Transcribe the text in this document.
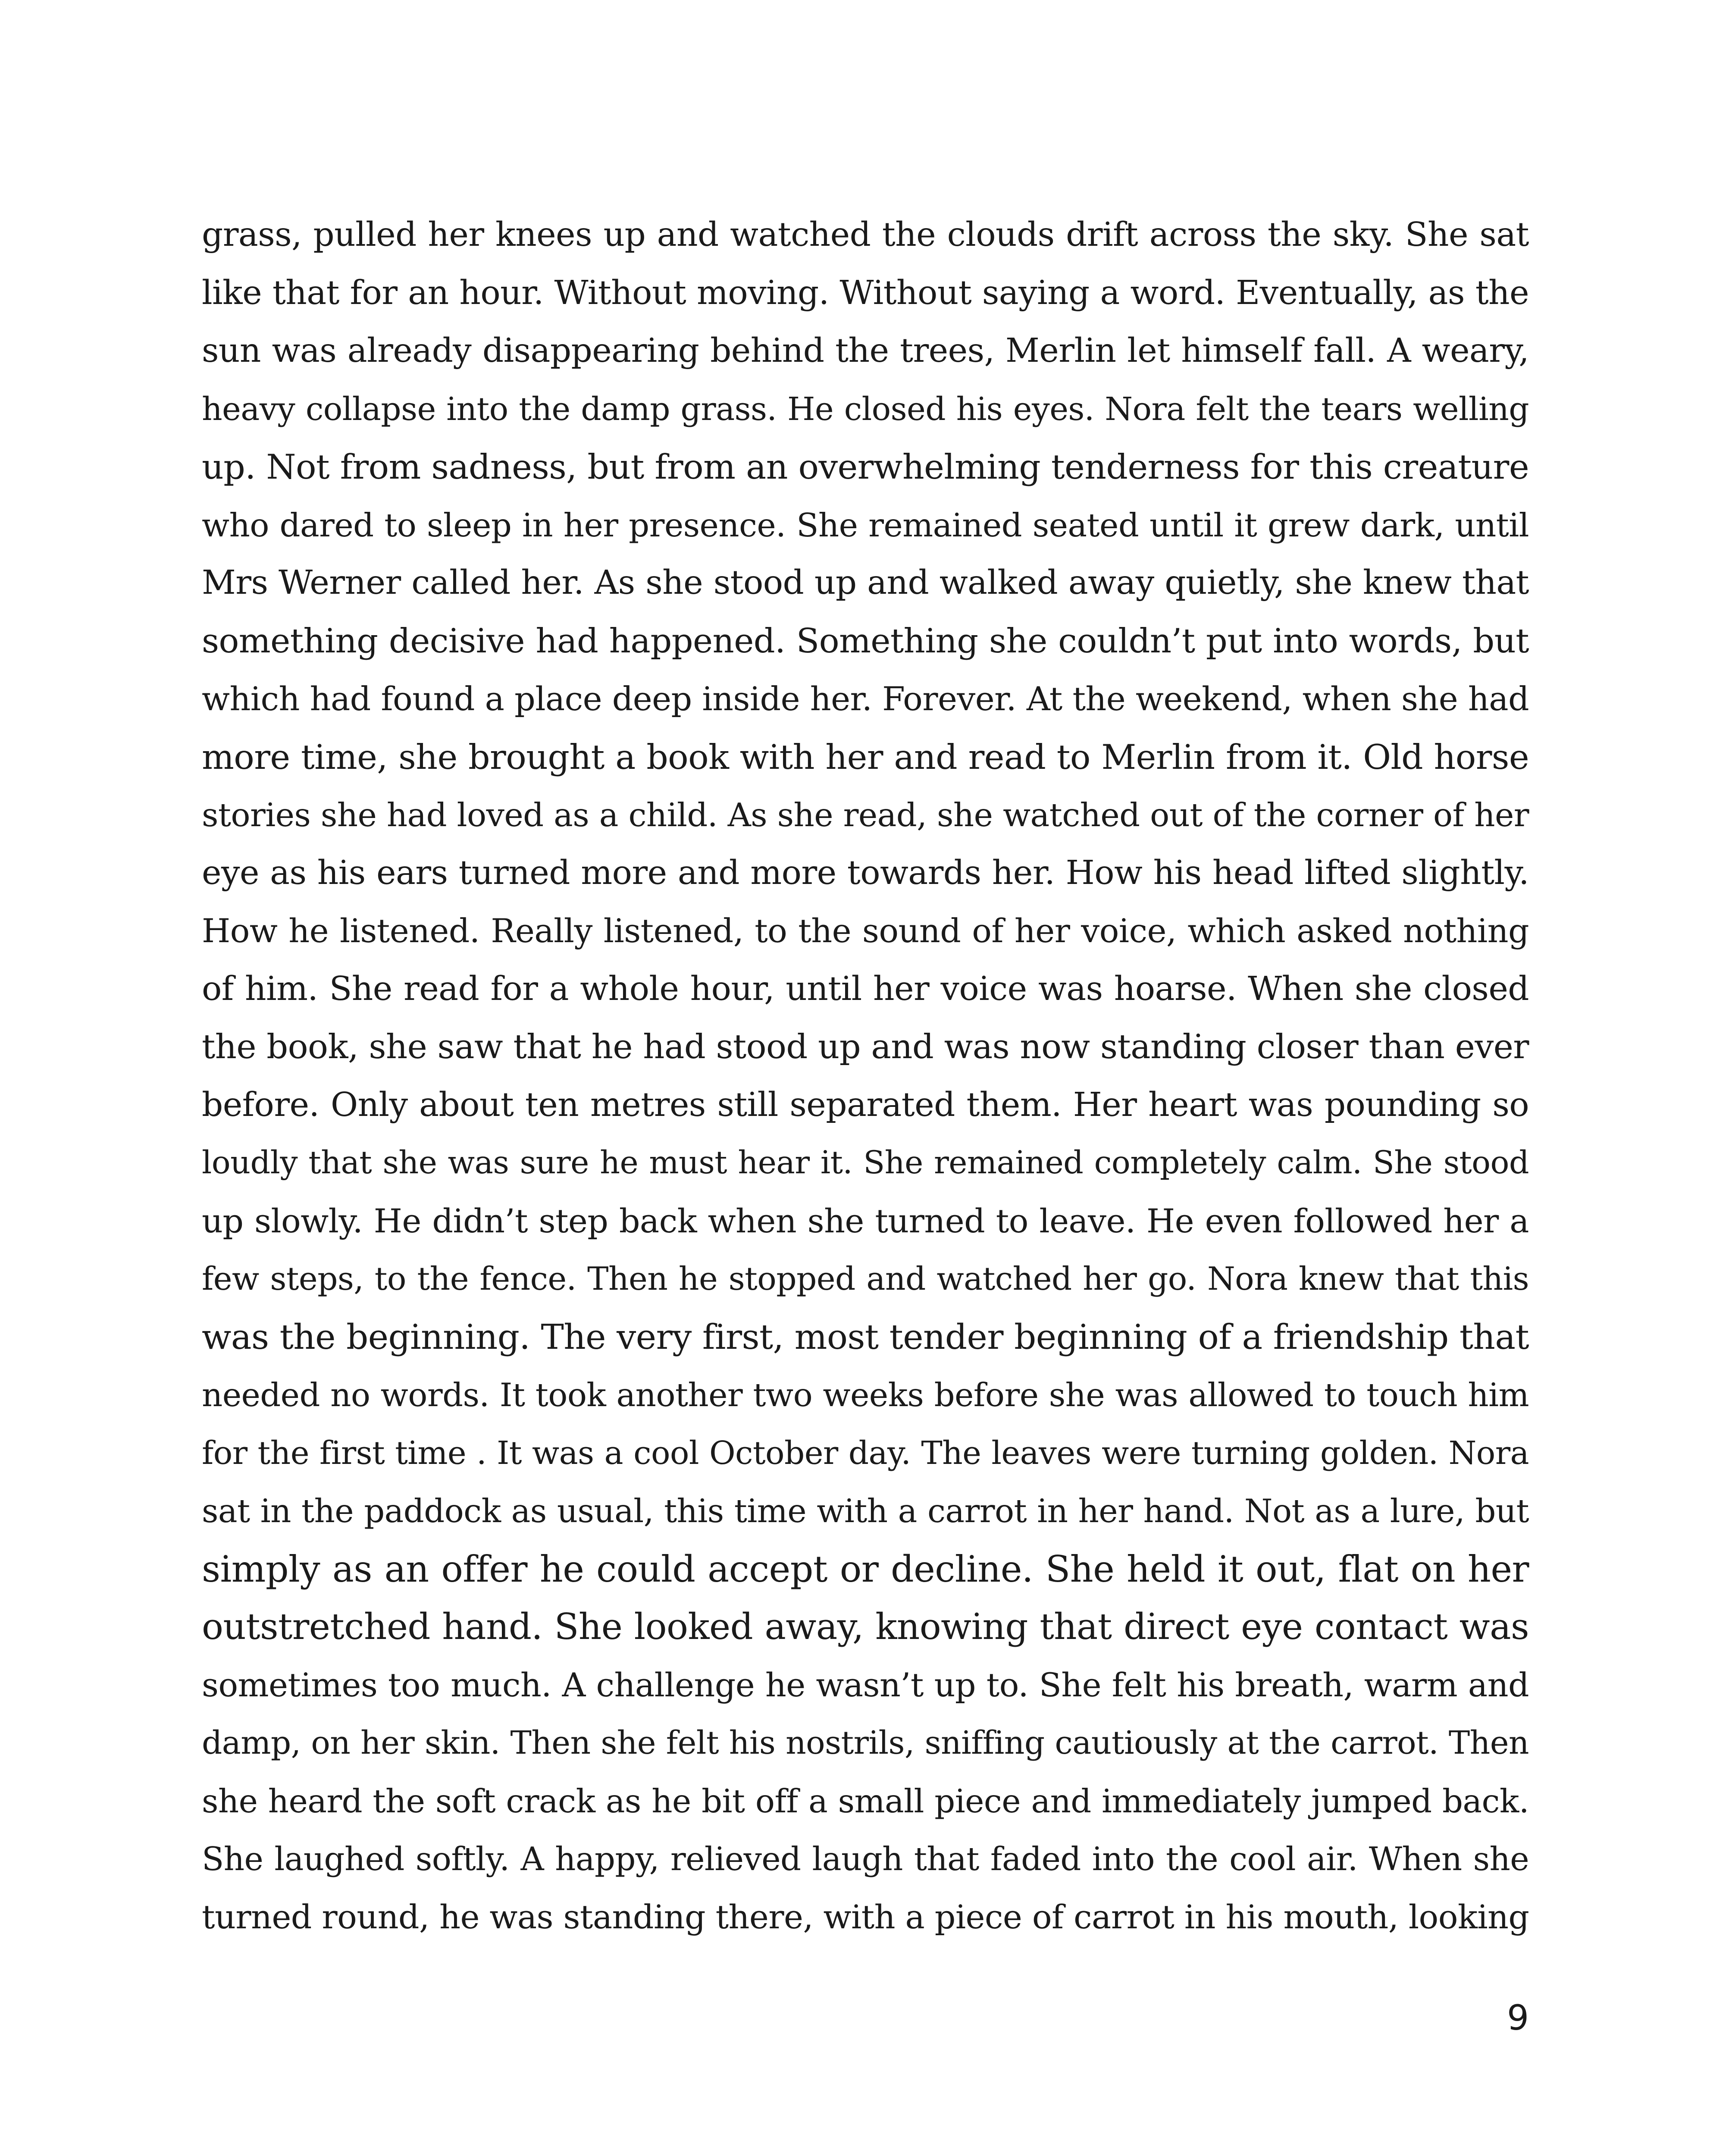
grass, pulled her knees up and watched the clouds drift across the sky. She sat
like that for an hour. Without moving. Without saying a word. Eventually, as the
sun was already disappearing behind the trees, Merlin let himself fall. A weary,
heavy collapse into the damp grass. He closed his eyes. Nora felt the tears welling
up. Not from sadness, but from an overwhelming tenderness for this creature
who dared to sleep in her presence. She remained seated until it grew dark, until
Mrs Werner called her. As she stood up and walked away quietly, she knew that
something decisive had happened. Something she couldn’t put into words, but
which had found a place deep inside her. Forever. At the weekend, when she had
more time, she brought a book with her and read to Merlin from it. Old horse
stories she had loved as a child. As she read, she watched out of the corner of her
eye as his ears turned more and more towards her. How his head lifted slightly.
How he listened. Really listened, to the sound of her voice, which asked nothing
of him. She read for a whole hour, until her voice was hoarse. When she closed
the book, she saw that he had stood up and was now standing closer than ever
before. Only about ten metres still separated them. Her heart was pounding so
loudly that she was sure he must hear it. She remained completely calm. She stood
up slowly. He didn’t step back when she turned to leave. He even followed her a
few steps, to the fence. Then he stopped and watched her go. Nora knew that this
was the beginning. The very first, most tender beginning of a friendship that
needed no words. It took another two weeks before she was allowed to touch him
for the first time . It was a cool October day. The leaves were turning golden. Nora
sat in the paddock as usual, this time with a carrot in her hand. Not as a lure, but
simply as an offer he could accept or decline. She held it out, flat on her
outstretched hand. She looked away, knowing that direct eye contact was
sometimes too much. A challenge he wasn’t up to. She felt his breath, warm and
damp, on her skin. Then she felt his nostrils, sniffing cautiously at the carrot. Then
she heard the soft crack as he bit off a small piece and immediately jumped back.
She laughed softly. A happy, relieved laugh that faded into the cool air. When she
turned round, he was standing there, with a piece of carrot in his mouth, looking
9
